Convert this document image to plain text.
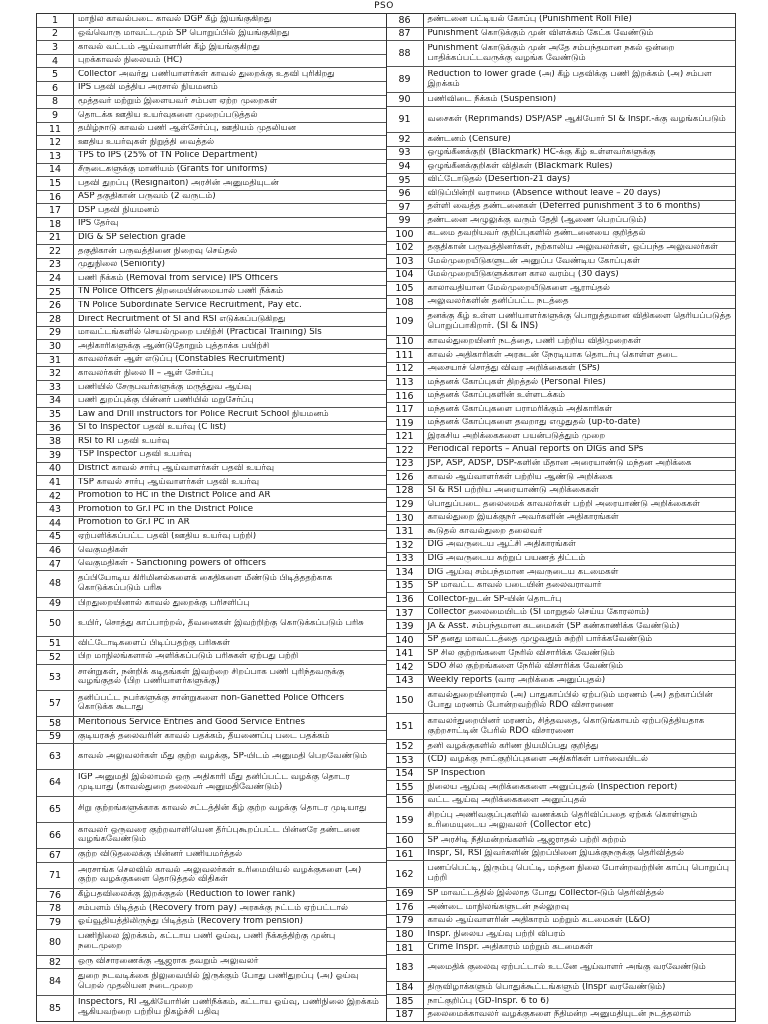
PSO
1	மாநில காவல்படை காவல் DGP கீழ் இயங்குகிறது
2	ஒவ்வொரு மாவட்டமும் SP பொறுப்பில் இயங்குகிறது
3	காவல் வட்டம் ஆய்வாளரின் கீழ் இயங்குகிறது
4	புறக்காவல் நிலையம் (HC)
5	Collector அவர்து பணியாளர்கள் காவல் துறைக்கு உதவி புரிகிறது
6	IPS பதவி மத்திய அரசால் நியமனம்
8	மூத்தவர் மற்றும் இளையவர் சம்பள ஏற்ற முறைகள்
9	தொடக்க ஊதிய உயர்வுகளை முறைப்படுத்தல்
11	தமிழ்நாடு காவல் பணி ஆள்சேர்ப்பு, ஊதியம் முதலியன
12	ஊதிய உயர்வுகள் நிறுத்தி வைத்தல்
13	TPS to IPS (25% of TN Police Department)
14	சீருடைகளுக்கு மானியம் (Grants for uniforms)
15	பதவி துறப்பு (Resignaiton) அரசின் அனுமதியுடன்
16	ASP தகுதிகான் பருவம் (2 வருடம்)
17	DSP பதவி நியமனம்
18	IPS தேர்வு
21	DIG & SP selection grade
22	தகுதிகான் பருவத்தினை நிறைவு செய்தல்
23	முதுநிலை (Seniority)
24	பணி நீக்கம் (Removal from service) IPS Officers
25	TN Police Officers திறமையின்மையால் பணி நீக்கம்
26	TN Police Subordinate Service Recruitment, Pay etc.
28	Direct Recruitment of SI and RSI எடுக்கப்படுகிறது
29	மாவட்டங்களில் செயல்முறை பயிற்சி (Practical Training) SIs
30	அதிகாரிகளுக்கு ஆண்டுதோறும் புத்தாக்க பயிற்சி
31	காவலர்கள் ஆள் எடுப்பு (Constables Recruitment)
32	காவலர்கள் நிலை II – ஆள் சேர்ப்பு
33	பணியில் சேருபவர்களுக்கு மருத்துவ ஆய்வு
34	பணி துறப்புக்கு பின்னர் பணியில் மறுசேர்ப்பு
35	Law and Drill instructors for Police Recruit School நியமனம்
36	SI to Inspector பதவி உயர்வு (C list)
38	RSI to RI பதவி உயர்வு
39	TSP Inspector பதவி உயர்வு
40	District காவல் சார்பு ஆய்வாளர்கள் பதவி உயர்வு
41	TSP காவல் சார்பு ஆய்வாளர்கள் பதவி உயர்வு
42	Promotion to HC in the District Police and AR
43	Promotion to Gr.I PC in the District Police
44	Promotion to Gr.I PC in AR
45	ஏற்பளிக்கப்பட்ட பதவி (ஊதிய உயர்வு பற்றி)
46	வெகுமதிகள்
47	வெகுமதிகள் - Sanctioning powers of officers
48
தப்பியோடிய கிரிமினல்களைக் கைதிகளை மீண்டும் பிடித்ததற்காக கொடுக்கப்படும் பரிசு
49	பிறதுறையினால் காவல் துறைக்கு பரிசளிப்பு
50	உயிர், சொத்து காப்பாற்றல், தீவனைகள் இவற்றிற்கு கொடுக்கப்படும் பரிசு
51	விட்டோடிகளைப் பிடிப்பதற்கு பரிசுகள்
52	பிற மாநிலங்களால் அளிக்கப்படும் பரிசுகள் ஏற்பது பற்றி
53
சான்றுகள், நன்றிக் கடிதங்கள் இவற்றை சிறப்பாக பணி புரிந்தவருக்கு வழங்குதல் (பிற பணியாளர்களுக்கு)
57
தனிப்பட்ட நபர்களுக்கு சான்றுகளை non-Ganetted Police Officers கொடுக்க கூடாது
58	Meritorious Service Entries and Good Service Entries
59	குடியரசுத் தலைவரின் காவல் பதக்கம், தீயணைப்பு படை பதக்கம்
63	காவல் அலுவலர்கள் மீது குற்ற வழக்கு, SP-யிடம் அனுமதி பெறவேண்டும்
64
IGP அனுமதி இல்லாமல் ஒரு அதிகாரி மீது தனிப்பட்ட வழக்கு தொடர முடியாது (காவல்துறை தலைவர் அனுமதிவேண்டும்)
65	சிறு குற்றங்களுக்காக காவல் சட்டத்தின் கீழ் குற்ற வழக்கு தொடர முடியாது
66
காவலர் ஒருவரை குற்றவாளியென தீர்ப்புகூறப்பட்ட பின்னரே தண்டனை வழங்கவேண்டும்
67	குற்ற விடுதலைக்கு பின்னர் பணியமர்த்தல்
71
அரசாங்க செலவில் காவல் அலுவலர்கள் உரிமையியல் வழக்குகளை (அ) குற்ற வழக்குகளை தொடுத்தல் விதிகள்
76	கீழ்பதவிலைக்கு இறக்குதல் (Reduction to lower rank)
78	சம்பளம் பிடித்தம் (Recovery from pay) அரசுக்கு நட்டம் ஏற்பட்டால்
79	ஓய்வூதியத்திலிருந்து பிடித்தம் (Recovery from pension)
80
பணிநிலை இறக்கம், கட்டாய பணி ஓய்வு, பணி நீக்கத்திற்கு முன்பு நடைமுறை
82	ஒரு விசாரணைக்கு ஆஜராக தவறும் அலுவலர்
84
துறை நடவடிக்கை நிலுவையில் இருக்கும் போது பணிதுறப்பு (அ) ஓய்வு பெறல் முதலியன நடைமுறை
85
Inspectors, RI ஆகியோரின் பணிநீக்கம், கட்டாய ஓய்வு, பணிநிலை இறக்கம் ஆகியவற்றை பற்றிய நிகழ்ச்சி பதிவு
86	தண்டனை பட்டியல் கோப்பு (Punishment Roll File)
87	Punishment கொடுக்கும் முன் விளக்கம் கேட்க வேண்டும்
88
Punishment கொடுக்கும் முன் அதே சம்பந்தமான நகல் ஒன்றை பாதிக்கப்பட்டவருக்கு வழங்க வேண்டும்
89
Reduction to lower grade (அ) கீழ் பதவிக்கு பணி இறக்கம் (அ) சம்பள இறக்கம்
90	பணிவிடை நீக்கம் (Suspension)
91	வசைகள் (Reprimands) DSP/ASP ஆகியோர் SI & Inspr.-க்கு வழங்கப்படும்
92	கண்டனம் (Censure)
93	ஒழுங்கீனக்குறி (Blackmark) HC-க்கு கீழ் உள்ளவர்களுக்கு
94	ஒழுங்கீனக்குறிகள் விதிகள் (Blackmark Rules)
95	விட்டோடுதல் (Desertion-21 days)
96	விடுப்பின்றி வராமை (Absence without leave – 20 days)
97	தள்ளி வைத்த தண்டனைகள் (Deferred punishment 3 to 6 months)
99	தண்டனை அழுலுக்கு வரும் தேதி (ஆணை பெறப்படும்)
100	கடமை தவறியவர் குறிப்புகளில் தண்டனையை குறித்தல்
102	தகுதிகான் பருவத்தினர்கள், நற்காலிய அலுவலர்கள், ஒப்பந்த அலுவலர்கள்
103	மேல்முறையீடுகளுடன் அனுப்ப வேண்டிய கோப்புகள்
104	மேல்முறையீடுகளுக்கான கால வரம்பு (30 days)
105	காலாவதியான மேல்முறையீடுகளை ஆராய்தல்
108	அலுவலர்களின் தனிப்பட்ட நடத்தை
109
தனக்கு கீழ் உள்ள பணியாளர்களுக்கு பொறுத்தமான விதிகளை தெரியப்படுத்த பொறுப்பாகிறார். (SI & INS)
110	காவல்துறையினர் நடத்தை, பணி பற்றிய விதிமுறைகள்
111	காவல் அதிகாரிகள் அரசுடன் நேரடியாக தொடர்பு கொள்ள தடை
112	அசையாச் சொத்து விவர அறிக்கைகள் (SPs)
113	மந்தனக் கோப்புகள் திறத்தல் (Personal Files)
116	மந்தனக் கோப்புகளின் உள்ளடக்கம்
117	மந்தனக் கோப்புகளை பராமரிக்கும் அதிகாரிகள்
119	மந்தனக் கோப்புகளை தவறாது எழுதுதல் (up-to-date)
121	இரகசிய அறிக்கைகளை பயன்படுத்தும் முறை
122	Periodical reports – Anual reports on DIGs and SPs
123	JSP, ASP, ADSP, DSP-களின் மீதான அரையாண்டு மந்தன அறிக்கை
126	காவல் ஆய்வாளர்கள் பற்றிய ஆண்டு அறிக்கை
128	SI & RSI பற்றிய அரையாண்டு அறிக்கைகள்
129	பொதுப்படை தலைமைக் காவலர்கள் பற்றி அரையாண்டு அறிக்கைகள்
130	காவல்துறை இயக்குநர் அவர்களின் அதிகாரங்கள்
131	கூடுதல் காவல்துறை தலைவர்
132	DIG அவருடைய ஆட்சி அதிகாரங்கள்
133	DIG அவருடைய சுற்றுப் பயணத் திட்டம்
134	DIG ஆய்வு சம்பந்தமான அவருடைய கடமைகள்
135	SP மாவட்ட காவல் படையின் தலைவராவார்
136	Collector-நுடன் SP-யின் தொடர்பு
137	Collector தலைமையிடம் (SI மாறுதல் செய்ய கோரலாம்)
139	JA & Asst. சம்பந்தமான கடமைகள் (SP கண்காணிக்க வேண்டும்)
140	SP தனது மாவட்டத்தை முழுவதும் சுற்றி பார்க்கவேண்டும்
141	SP சில குற்றங்களை நேரில் விசாரிக்க வேண்டும்
142	SDO சில குற்றங்களை நேரில் விசாரிக்க வேண்டும்
143	Weekly reports (வார அறிக்கை அனுப்புதல்)
150
காவல்துறையினரால் (அ) பாதுகாப்பில் ஏற்படும் மரணம் (அ) தற்காப்பின் போது மரணம் போன்றவற்றில் RDO விசாரணை
151
காவலர்துறையினர் மரணம், சித்தவதை, கொடுங்காயம் ஏற்படுத்தியதாக குற்றசாட்டின் பேரில் RDO விசாரணை
152	தனி வழக்குகளில் கரிண நியமிப்பது குறித்து
153	(CD) வழக்கு நாட்குறிப்புகளை அதிகரிகள் பார்வையிடல்
154	SP Inspection
155	நிலைய ஆய்வு அறிக்கைகளை அனுப்புதல் (Inspection report)
156	வட்ட ஆய்வு அறிக்கைகளை அனுப்புதல்
159
சிறப்பு அணிவகுப்புகளில் வணக்கம் தெரிவிப்பதை ஏற்கக் கொள்ளும் உரிமையுடைய அலுவலர் (Collector etc)
160	SP அரசிடி நீதிமன்றங்களில் ஆஜராதல் பற்றி சுற்றம்
161	Inspr, SI, RSI இவர்களின் இறப்பினை இயக்குநருக்கு தெரிவித்தல்
162
பணப்பெட்டி, இரும்பு பெட்டி, மந்தன நிலை போன்றவற்றின் காப்பு பொறுப்பு பற்றி
169	SP மாவட்டத்தில் இல்லாத போது Collector-டும் தெரிவித்தல்
176	அண்டை மாநிலங்களுடன் நல்லுறவு
179	காவல் ஆய்வாளரின் அதிகாரம் மற்றும் கடமைகள் (L&O)
180	Inspr. நிலைய ஆய்வு பற்றி விபரம்
181	Crime Inspr. அதிகாரம் மற்றும் கடமைகள்
183	அமைதிக் குலைவு ஏற்பட்டால் உடனே ஆய்வாளர் அங்கு வரவேண்டும்
184	திருவிழாக்களும் பொதுக்கூட்டங்களும் (Inspr வரவேண்டும்)
185	நாட்குறிப்பு (GD-Inspr. 6 to 6)
187	தலைமைக்காவலர் வழக்குகளை நீதிமன்ற அனுமதியுடன் நடத்தலாம்
